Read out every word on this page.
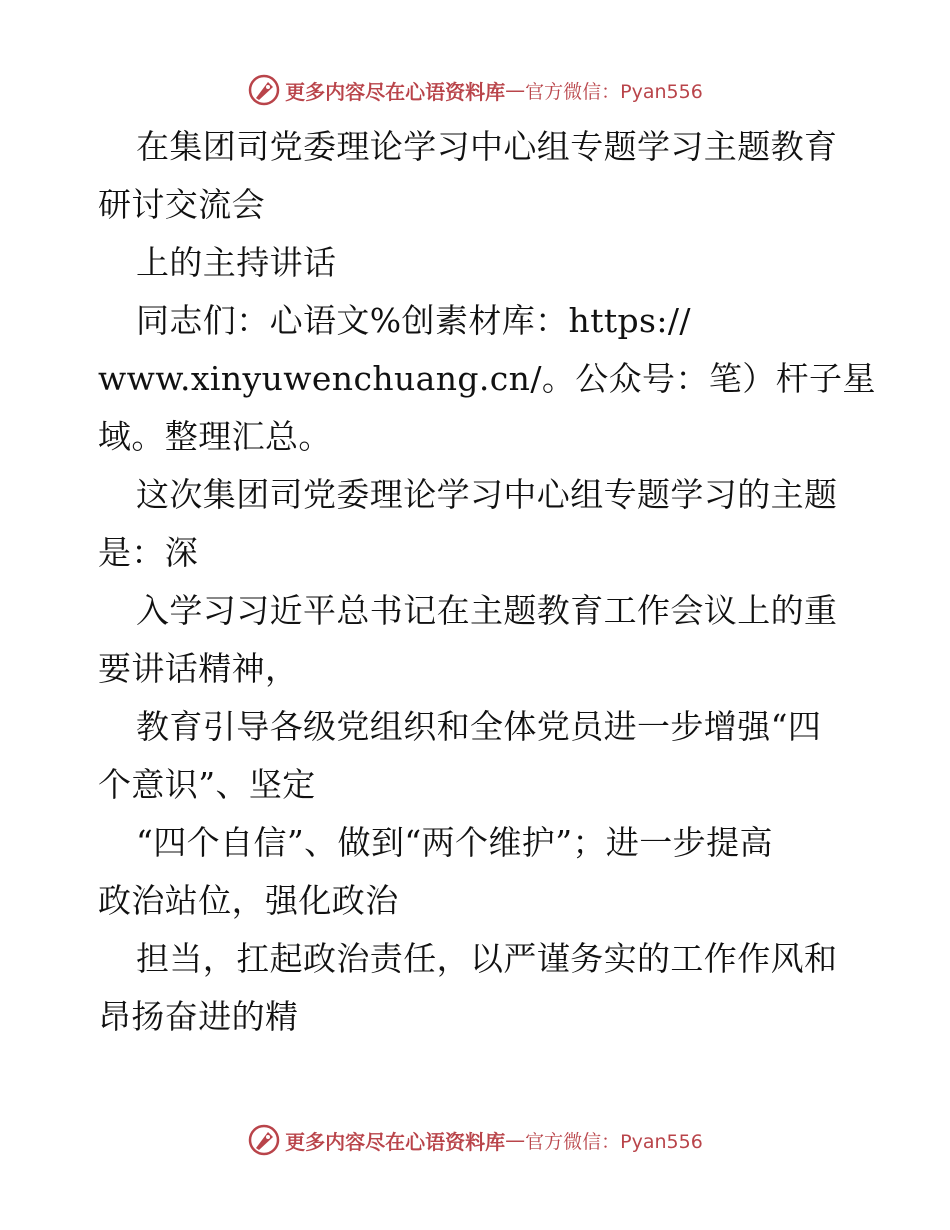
更多内容尽在心语资料库 — 官方微信：Pyan556
在集团司党委理论学习中心组专题学习主题教育
研讨交流会
上的主持讲话
同志们：心语文%创素材库：https://
www.xinyuwenchuang.cn/。公众号：笔）杆子星
域。整理汇总。
这次集团司党委理论学习中心组专题学习的主题
是：深
入学习习近平总书记在主题教育工作会议上的重
要讲话精神，
教育引导各级党组织和全体党员进一步增强“四
个意识”、坚定
“四个自信”、做到“两个维护”；进一步提高
政治站位，强化政治
担当，扛起政治责任，以严谨务实的工作作风和
昂扬奋进的精
更多内容尽在心语资料库 — 官方微信：Pyan556
